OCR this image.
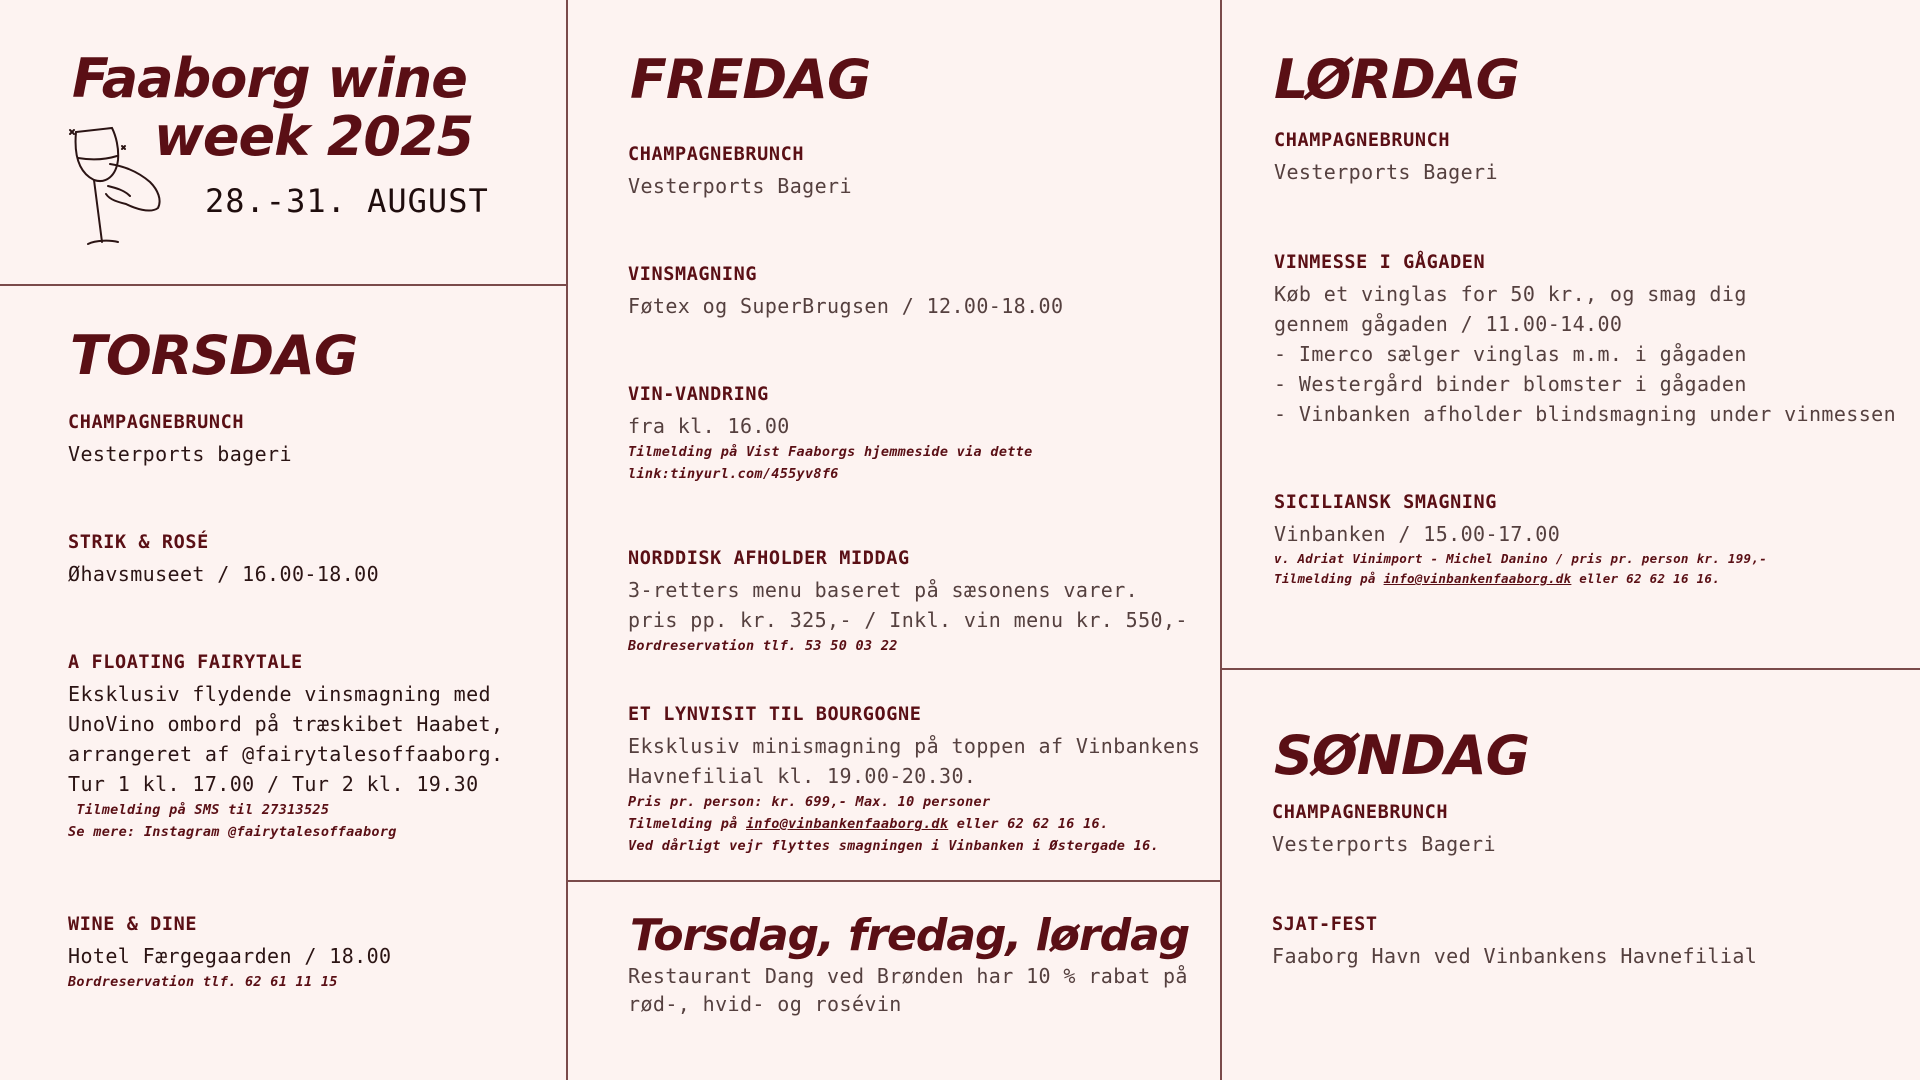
Faaborg wine
week 2025
28.-31. AUGUST
TORSDAG
CHAMPAGNEBRUNCH
Vesterports bageri
STRIK & ROSÉ
Øhavsmuseet / 16.00-18.00
A FLOATING FAIRYTALE
Eksklusiv flydende vinsmagning med
UnoVino ombord på træskibet Haabet,
arrangeret af @fairytalesoffaaborg.
Tur 1 kl. 17.00 / Tur 2 kl. 19.30
Tilmelding på SMS til 27313525
Se mere: Instagram @fairytalesoffaaborg
WINE & DINE
Hotel Færgegaarden / 18.00
Bordreservation tlf. 62 61 11 15
FREDAG
CHAMPAGNEBRUNCH
Vesterports Bageri
VINSMAGNING
Føtex og SuperBrugsen / 12.00-18.00
VIN-VANDRING
fra kl. 16.00
Tilmelding på Vist Faaborgs hjemmeside via dette
link:tinyurl.com/455yv8f6
NORDDISK AFHOLDER MIDDAG
3-retters menu baseret på sæsonens varer.
pris pp. kr. 325,- / Inkl. vin menu kr. 550,-
Bordreservation tlf. 53 50 03 22
ET LYNVISIT TIL BOURGOGNE
Eksklusiv minismagning på toppen af Vinbankens
Havnefilial kl. 19.00-20.30.
Pris pr. person: kr. 699,- Max. 10 personer
Tilmelding på info@vinbankenfaaborg.dk eller 62 62 16 16.
Ved dårligt vejr flyttes smagningen i Vinbanken i Østergade 16.
Torsdag, fredag, lørdag
Restaurant Dang ved Brønden har 10 % rabat på
rød-, hvid- og rosévin
LØRDAG
CHAMPAGNEBRUNCH
Vesterports Bageri
VINMESSE I GÅGADEN
Køb et vinglas for 50 kr., og smag dig
gennem gågaden / 11.00-14.00
- Imerco sælger vinglas m.m. i gågaden
- Westergård binder blomster i gågaden
- Vinbanken afholder blindsmagning under vinmessen
SICILIANSK SMAGNING
Vinbanken / 15.00-17.00
v. Adriat Vinimport - Michel Danino / pris pr. person kr. 199,-
Tilmelding på info@vinbankenfaaborg.dk eller 62 62 16 16.
SØNDAG
CHAMPAGNEBRUNCH
Vesterports Bageri
SJAT-FEST
Faaborg Havn ved Vinbankens Havnefilial
